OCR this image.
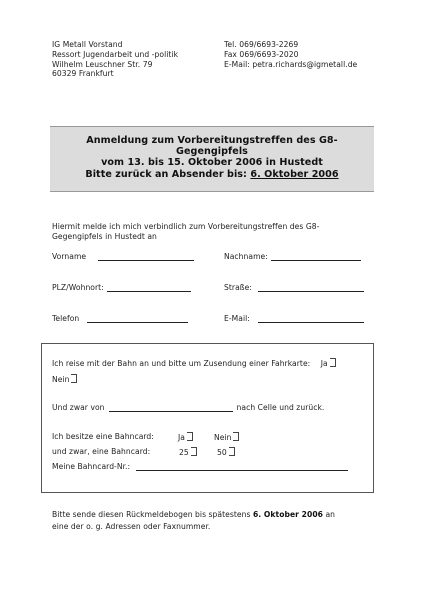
IG Metall Vorstand
Ressort Jugendarbeit und -politik
Wilhelm Leuschner Str. 79
60329 Frankfurt
Tel. 069/6693-2269
Fax 069/6693-2020
E-Mail: petra.richards@igmetall.de
Anmeldung zum Vorbereitungstreffen des G8-
Gegengipfels
vom 13. bis 15. Oktober 2006 in Hustedt
Bitte zurück an Absender bis: 6. Oktober 2006
Hiermit melde ich mich verbindlich zum Vorbereitungstreffen des G8-
Gegengipfels in Hustedt an
Vorname	Nachname:
PLZ/Wohnort:	Straße:
Telefon	E-Mail:
Ich reise mit der Bahn an und bitte um Zusendung einer Fahrkarte: Ja
Nein
Und zwar von	nach Celle und zurück.
Ich besitze eine Bahncard:	Ja	Nein
und zwar, eine Bahncard:	25	50
Meine Bahncard-Nr.:
Bitte sende diesen Rückmeldebogen bis spätestens 6. Oktober 2006 an
eine der o. g. Adressen oder Faxnummer.
